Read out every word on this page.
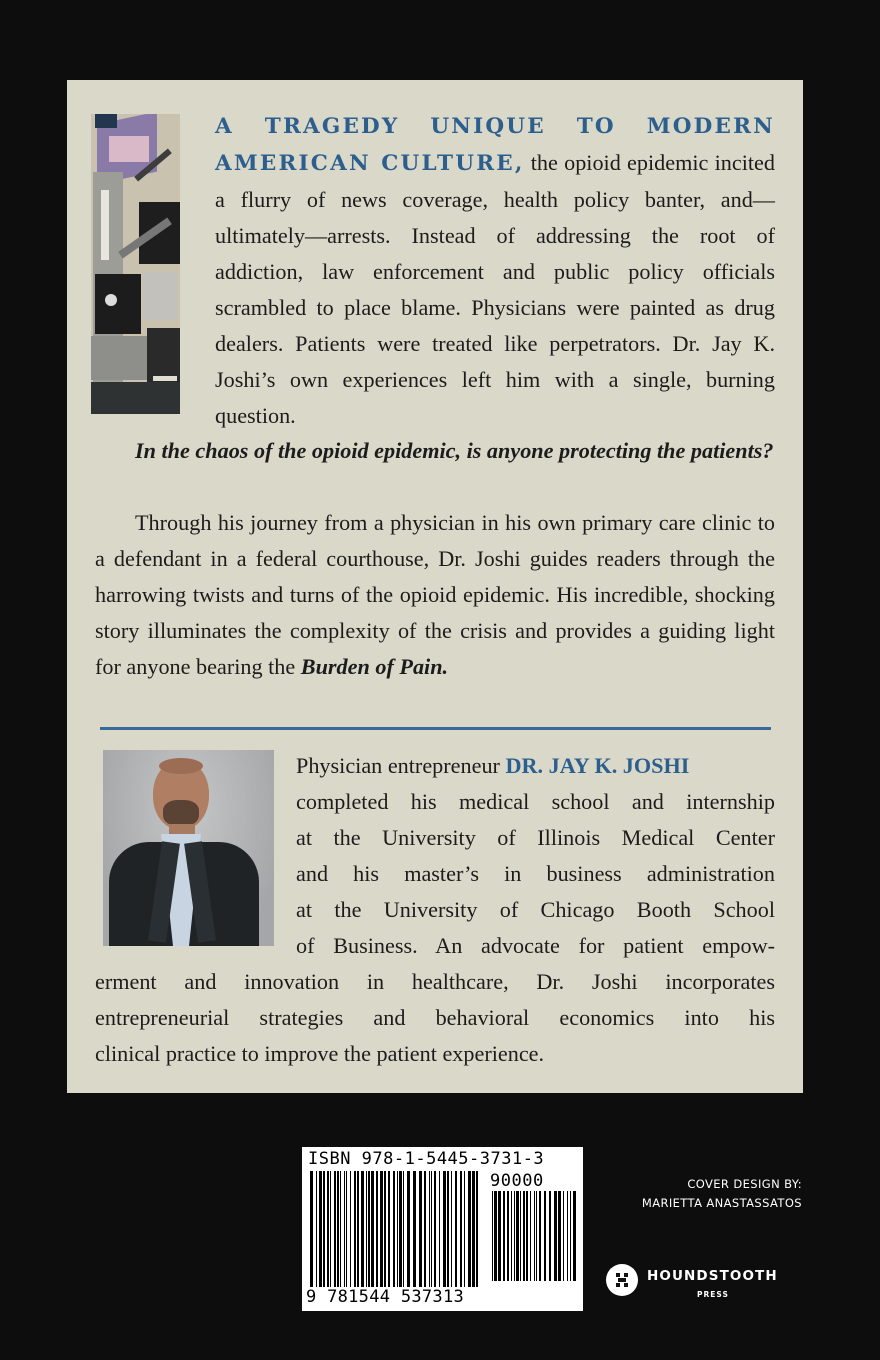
A TRAGEDY UNIQUE TO MODERN AMERICAN CULTURE, the opioid epidemic incited a flurry of news coverage, health policy banter, and—ultimately—arrests. Instead of addressing the root of addiction, law enforcement and public policy officials scrambled to place blame. Physicians were painted as drug dealers. Patients were treated like perpetrators. Dr. Jay K. Joshi’s own experiences left him with a single, burning question.
In the chaos of the opioid epidemic, is anyone protecting the patients?
Through his journey from a physician in his own primary care clinic to a defendant in a federal courthouse, Dr. Joshi guides readers through the harrowing twists and turns of the opioid epidemic. His incredible, shocking story illuminates the complexity of the crisis and provides a guiding light for anyone bearing the Burden of Pain.
Physician entrepreneur DR. JAY K. JOSHI
completed his medical school and internship
at the University of Illinois Medical Center
and his master’s in business administration
at the University of Chicago Booth School
of Business. An advocate for patient empow-
erment and innovation in healthcare, Dr. Joshi incorporates
entrepreneurial strategies and behavioral economics into his
clinical practice to improve the patient experience.
ISBN 978-1-5445-3731-3
90000
9 781544 537313
COVER DESIGN BY:
MARIETTA ANASTASSATOS
HOUNDSTOOTH
PRESS
